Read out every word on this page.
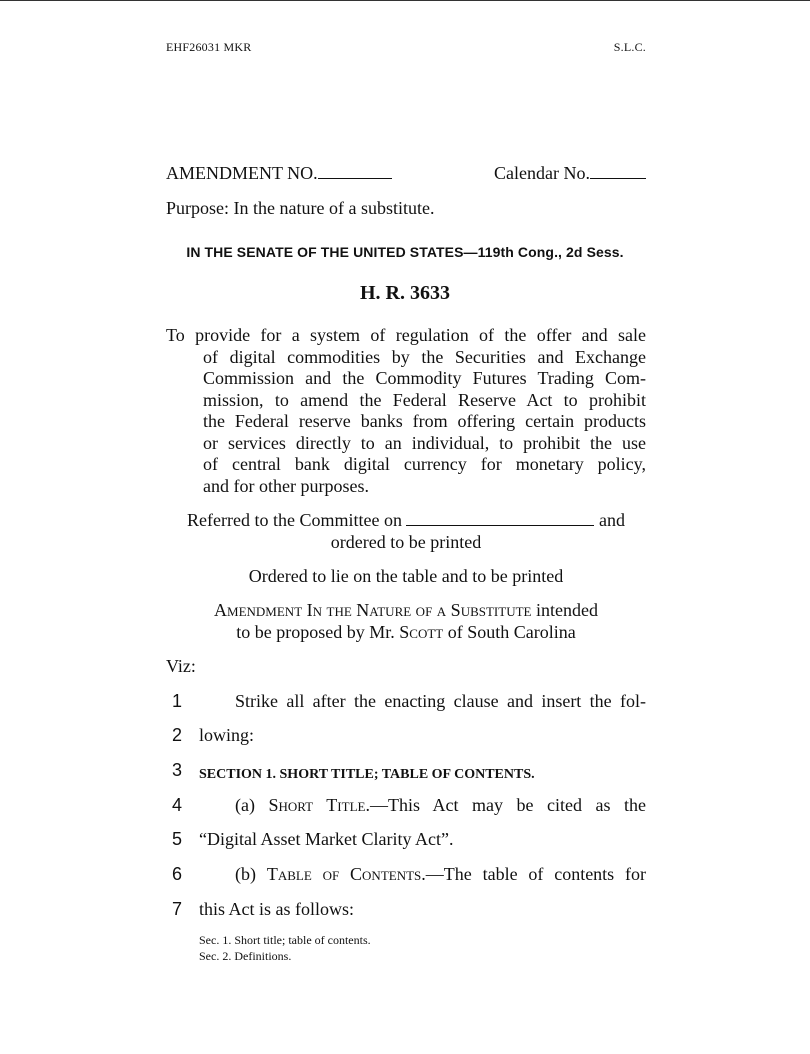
EHF26031 MKR	S.L.C.
AMENDMENT NO.	Calendar No.
Purpose: In the nature of a substitute.
IN THE SENATE OF THE UNITED STATES—119th Cong., 2d Sess.
H. R. 3633
To provide for a system of regulation of the offer and sale
of digital commodities by the Securities and Exchange
Commission and the Commodity Futures Trading Com-
mission, to amend the Federal Reserve Act to prohibit
the Federal reserve banks from offering certain products
or services directly to an individual, to prohibit the use
of central bank digital currency for monetary policy,
and for other purposes.
Referred to the Committee on	and
ordered to be printed
Ordered to lie on the table and to be printed
Amendment In the Nature of a Substitute intended
to be proposed by Mr. Scott of South Carolina
Viz:
1	Strike all after the enacting clause and insert the fol-
2 lowing:
3	SECTION 1. SHORT TITLE; TABLE OF CONTENTS.
4	(a) Short Title.—This Act may be cited as the
5 “Digital Asset Market Clarity Act”.
6	(b) Table of Contents.—The table of contents for
7 this Act is as follows:
Sec. 1. Short title; table of contents.
Sec. 2. Definitions.
